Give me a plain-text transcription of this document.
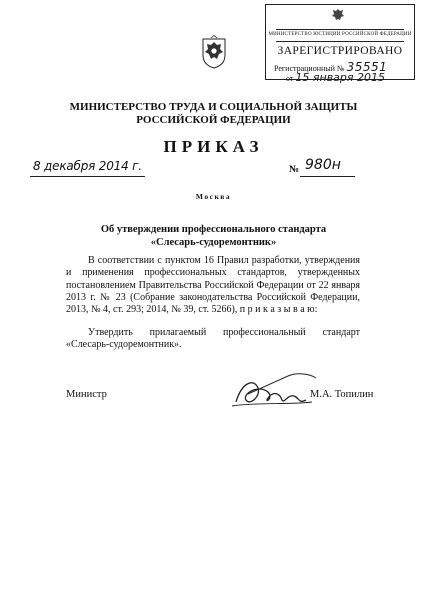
МИНИСТЕРСТВО ЮСТИЦИИ РОССИЙСКОЙ ФЕДЕРАЦИИ
ЗАРЕГИСТРИРОВАНО
Регистрационный № 35551
от 15 января 2015
МИНИСТЕРСТВО ТРУДА И СОЦИАЛЬНОЙ ЗАЩИТЫ
РОССИЙСКОЙ ФЕДЕРАЦИИ
ПРИКАЗ
8 декабря 2014 г.	№ 980н
Москва
Об утверждении профессионального стандарта
«Слесарь-судоремонтник»

В соответствии с пунктом 16 Правил разработки, утверждения и применения профессиональных стандартов, утвержденных постановлением Правительства Российской Федерации от 22 января 2013 г. № 23 (Собрание законодательства Российской Федерации, 2013, № 4, ст. 293; 2014, № 39, ст. 5266), п р и к а з ы в а ю:

Утвердить прилагаемый профессиональный стандарт «Слесарь-судоремонтник».

Министр	М.А. Топилин
